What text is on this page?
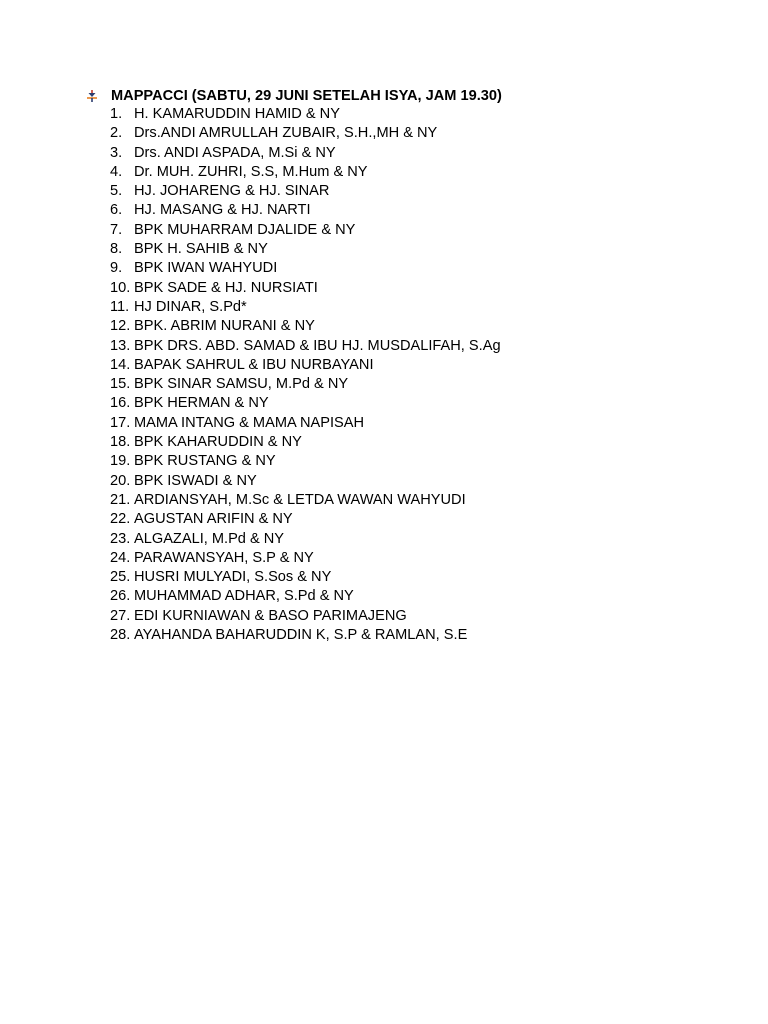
MAPPACCI (SABTU, 29 JUNI SETELAH ISYA, JAM 19.30)
1. H. KAMARUDDIN HAMID & NY
2. Drs.ANDI AMRULLAH ZUBAIR, S.H.,MH & NY
3. Drs. ANDI ASPADA, M.Si & NY
4. Dr. MUH. ZUHRI, S.S, M.Hum & NY
5. HJ. JOHARENG & HJ. SINAR
6. HJ. MASANG & HJ. NARTI
7. BPK MUHARRAM DJALIDE & NY
8. BPK H. SAHIB & NY
9. BPK IWAN WAHYUDI
10. BPK SADE & HJ. NURSIATI
11. HJ DINAR, S.Pd*
12. BPK. ABRIM NURANI & NY
13. BPK DRS. ABD. SAMAD & IBU HJ. MUSDALIFAH, S.Ag
14. BAPAK SAHRUL & IBU NURBAYANI
15. BPK SINAR SAMSU, M.Pd & NY
16. BPK HERMAN & NY
17. MAMA INTANG & MAMA NAPISAH
18. BPK KAHARUDDIN & NY
19. BPK RUSTANG & NY
20. BPK ISWADI & NY
21. ARDIANSYAH, M.Sc & LETDA WAWAN WAHYUDI
22. AGUSTAN ARIFIN & NY
23. ALGAZALI, M.Pd & NY
24. PARAWANSYAH, S.P & NY
25. HUSRI MULYADI, S.Sos & NY
26. MUHAMMAD ADHAR, S.Pd & NY
27. EDI KURNIAWAN & BASO PARIMAJENG
28. AYAHANDA BAHARUDDIN K, S.P & RAMLAN, S.E
